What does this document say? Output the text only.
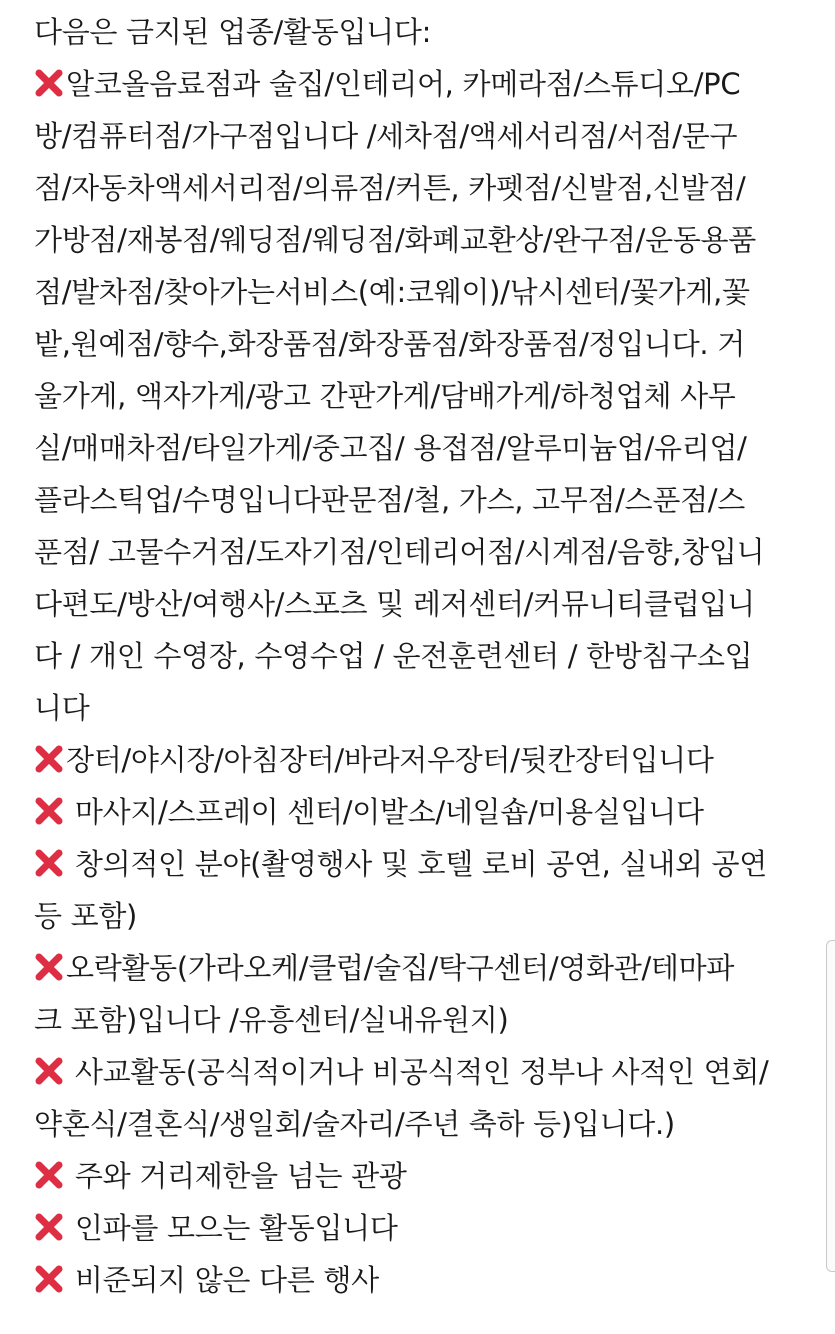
다음은 금지된 업종/활동입니다:
알코올음료점과 술집/인테리어, 카메라점/스튜디오/PC
방/컴퓨터점/가구점입니다 /세차점/액세서리점/서점/문구
점/자동차액세서리점/의류점/커튼, 카펫점/신발점,신발점/
가방점/재봉점/웨딩점/웨딩점/화폐교환상/완구점/운동용품
점/발차점/찾아가는서비스(예:코웨이)/낚시센터/꽃가게,꽃
밭,원예점/향수,화장품점/화장품점/화장품점/정입니다. 거
울가게, 액자가게/광고 간판가게/담배가게/하청업체 사무
실/매매차점/타일가게/중고집/ 용접점/알루미늄업/유리업/
플라스틱업/수명입니다판문점/철, 가스, 고무점/스푼점/스
푼점/ 고물수거점/도자기점/인테리어점/시계점/음향,창입니
다편도/방산/여행사/스포츠 및 레저센터/커뮤니티클럽입니
다 / 개인 수영장, 수영수업 / 운전훈련센터 / 한방침구소입
니다
장터/야시장/아침장터/바라저우장터/뒷칸장터입니다
마사지/스프레이 센터/이발소/네일숍/미용실입니다
창의적인 분야(촬영행사 및 호텔 로비 공연, 실내외 공연
등 포함)
오락활동(가라오케/클럽/술집/탁구센터/영화관/테마파
크 포함)입니다 /유흥센터/실내유원지)
사교활동(공식적이거나 비공식적인 정부나 사적인 연회/
약혼식/결혼식/생일회/술자리/주년 축하 등)입니다.)
주와 거리제한을 넘는 관광
인파를 모으는 활동입니다
비준되지 않은 다른 행사
